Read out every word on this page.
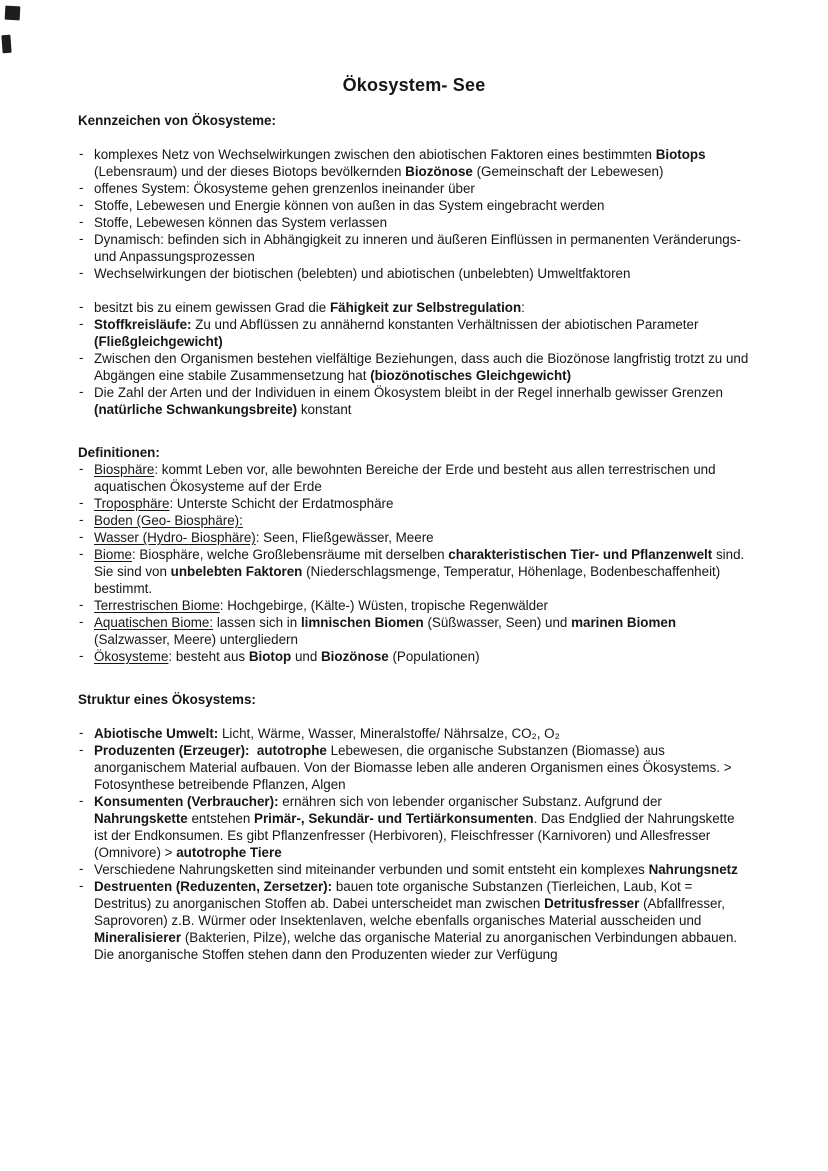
Ökosystem- See
Kennzeichen von Ökosysteme:
- komplexes Netz von Wechselwirkungen zwischen den abiotischen Faktoren eines bestimmten Biotops (Lebensraum) und der dieses Biotops bevölkernden Biozönose (Gemeinschaft der Lebewesen)
- offenes System: Ökosysteme gehen grenzenlos ineinander über
- Stoffe, Lebewesen und Energie können von außen in das System eingebracht werden
- Stoffe, Lebewesen können das System verlassen
- Dynamisch: befinden sich in Abhängigkeit zu inneren und äußeren Einflüssen in permanenten Veränderungs- und Anpassungsprozessen
- Wechselwirkungen der biotischen (belebten) und abiotischen (unbelebten) Umweltfaktoren
- besitzt bis zu einem gewissen Grad die Fähigkeit zur Selbstregulation:
- Stoffkreisläufe: Zu und Abflüssen zu annähernd konstanten Verhältnissen der abiotischen Parameter (Fließgleichgewicht)
- Zwischen den Organismen bestehen vielfältige Beziehungen, dass auch die Biozönose langfristig trotzt zu und Abgängen eine stabile Zusammensetzung hat (biozönotisches Gleichgewicht)
- Die Zahl der Arten und der Individuen in einem Ökosystem bleibt in der Regel innerhalb gewisser Grenzen (natürliche Schwankungsbreite) konstant
Definitionen:
- Biosphäre: kommt Leben vor, alle bewohnten Bereiche der Erde und besteht aus allen terrestrischen und aquatischen Ökosysteme auf der Erde
- Troposphäre: Unterste Schicht der Erdatmosphäre
- Boden (Geo- Biosphäre):
- Wasser (Hydro- Biosphäre): Seen, Fließgewässer, Meere
- Biome: Biosphäre, welche Großlebensräume mit derselben charakteristischen Tier- und Pflanzenwelt sind. Sie sind von unbelebten Faktoren (Niederschlagsmenge, Temperatur, Höhenlage, Bodenbeschaffenheit) bestimmt.
- Terrestrischen Biome: Hochgebirge, (Kälte-) Wüsten, tropische Regenwälder
- Aquatischen Biome: lassen sich in limnischen Biomen (Süßwasser, Seen) und marinen Biomen (Salzwasser, Meere) untergliedern
- Ökosysteme: besteht aus Biotop und Biozönose (Populationen)
Struktur eines Ökosystems:
- Abiotische Umwelt: Licht, Wärme, Wasser, Mineralstoffe/ Nährsalze, CO₂, O₂
- Produzenten (Erzeuger):  autotrophe Lebewesen, die organische Substanzen (Biomasse) aus anorganischem Material aufbauen. Von der Biomasse leben alle anderen Organismen eines Ökosystems. > Fotosynthese betreibende Pflanzen, Algen
- Konsumenten (Verbraucher): ernähren sich von lebender organischer Substanz. Aufgrund der Nahrungskette entstehen Primär-, Sekundär- und Tertiärkonsumenten. Das Endglied der Nahrungskette ist der Endkonsumen. Es gibt Pflanzenfresser (Herbivoren), Fleischfresser (Karnivoren) und Allesfresser (Omnivore) > autotrophe Tiere
- Verschiedene Nahrungsketten sind miteinander verbunden und somit entsteht ein komplexes Nahrungsnetz
- Destruenten (Reduzenten, Zersetzer): bauen tote organische Substanzen (Tierleichen, Laub, Kot = Destritus) zu anorganischen Stoffen ab. Dabei unterscheidet man zwischen Detritusfresser (Abfallfresser, Saprovoren) z.B. Würmer oder Insektenlaven, welche ebenfalls organisches Material ausscheiden und Mineralisierer (Bakterien, Pilze), welche das organische Material zu anorganischen Verbindungen abbauen. Die anorganische Stoffen stehen dann den Produzenten wieder zur Verfügung
